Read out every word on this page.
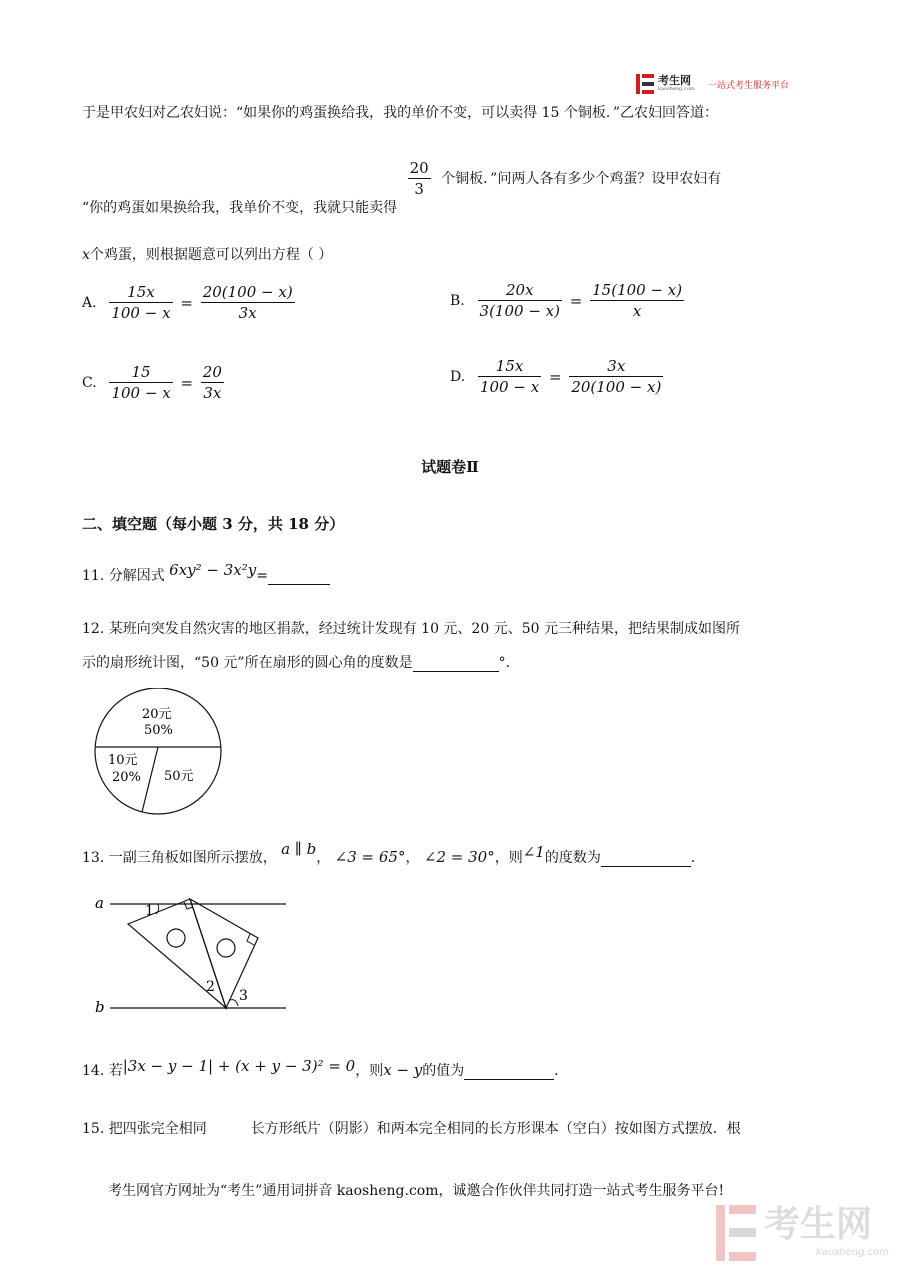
考生网
kaosheng.com 一站式考生服务平台
于是甲农妇对乙农妇说：“如果你的鸡蛋换给我，我的单价不变，可以卖得 15 个铜板．”乙农妇回答道：
“你的鸡蛋如果换给我，我单价不变，我就只能卖得
$\frac{20}{3}$ 个铜板．”问两人各有多少个鸡蛋？设甲农妇有
x个鸡蛋，则根据题意可以列出方程（ ）
A. $\frac{15x}{100 - x} = \frac{20(100 - x)}{3x}$	B. $\frac{20x}{3(100 - x)} = \frac{15(100 - x)}{x}$
C. $\frac{15}{100 - x} = \frac{20}{3x}$	D. $\frac{15x}{100 - x} = \frac{3x}{20(100 - x)}$
试题卷Ⅱ
二、填空题（每小题 3 分，共 18 分）
11. 分解因式 6xy² − 3x²y=
12. 某班向突发自然灾害的地区捐款，经过统计发现有 10 元、20 元、50 元三种结果，把结果制成如图所
示的扇形统计图，“50 元”所在扇形的圆心角的度数是	°．
20元
50%
10元
20% 50元
13. 一副三角板如图所示摆放， a ∥ b， ∠3 = 65°， ∠2 = 30°，则∠1的度数为	．
a
b
1
2
3
14. 若|3x − y − 1| + (x + y − 3)² = 0，则x − y的值为	．
15. 把四张完全相同	长方形纸片（阴影）和两本完全相同的长方形课本（空白）按如图方式摆放．根
考生网官方网址为“考生”通用词拼音 kaosheng.com，诚邀合作伙伴共同打造一站式考生服务平台!
考生网
kaosheng.com
